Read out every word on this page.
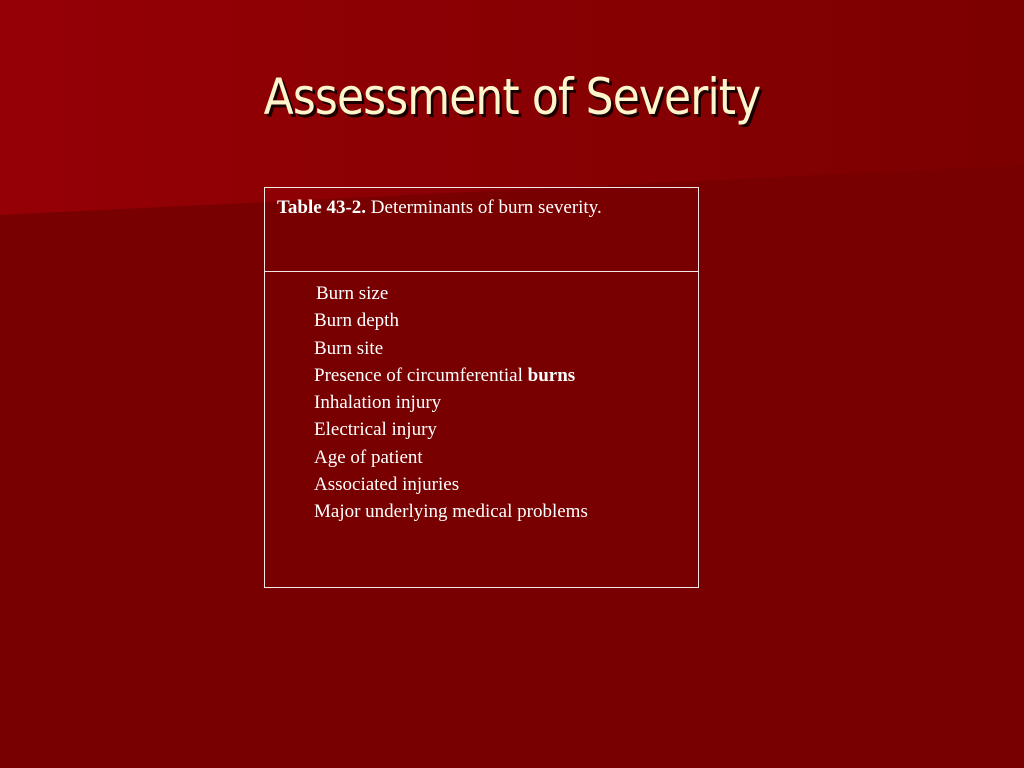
Assessment of Severity
Table 43-2. Determinants of burn severity.
Burn size
Burn depth
Burn site
Presence of circumferential burns
Inhalation injury
Electrical injury
Age of patient
Associated injuries
Major underlying medical problems
